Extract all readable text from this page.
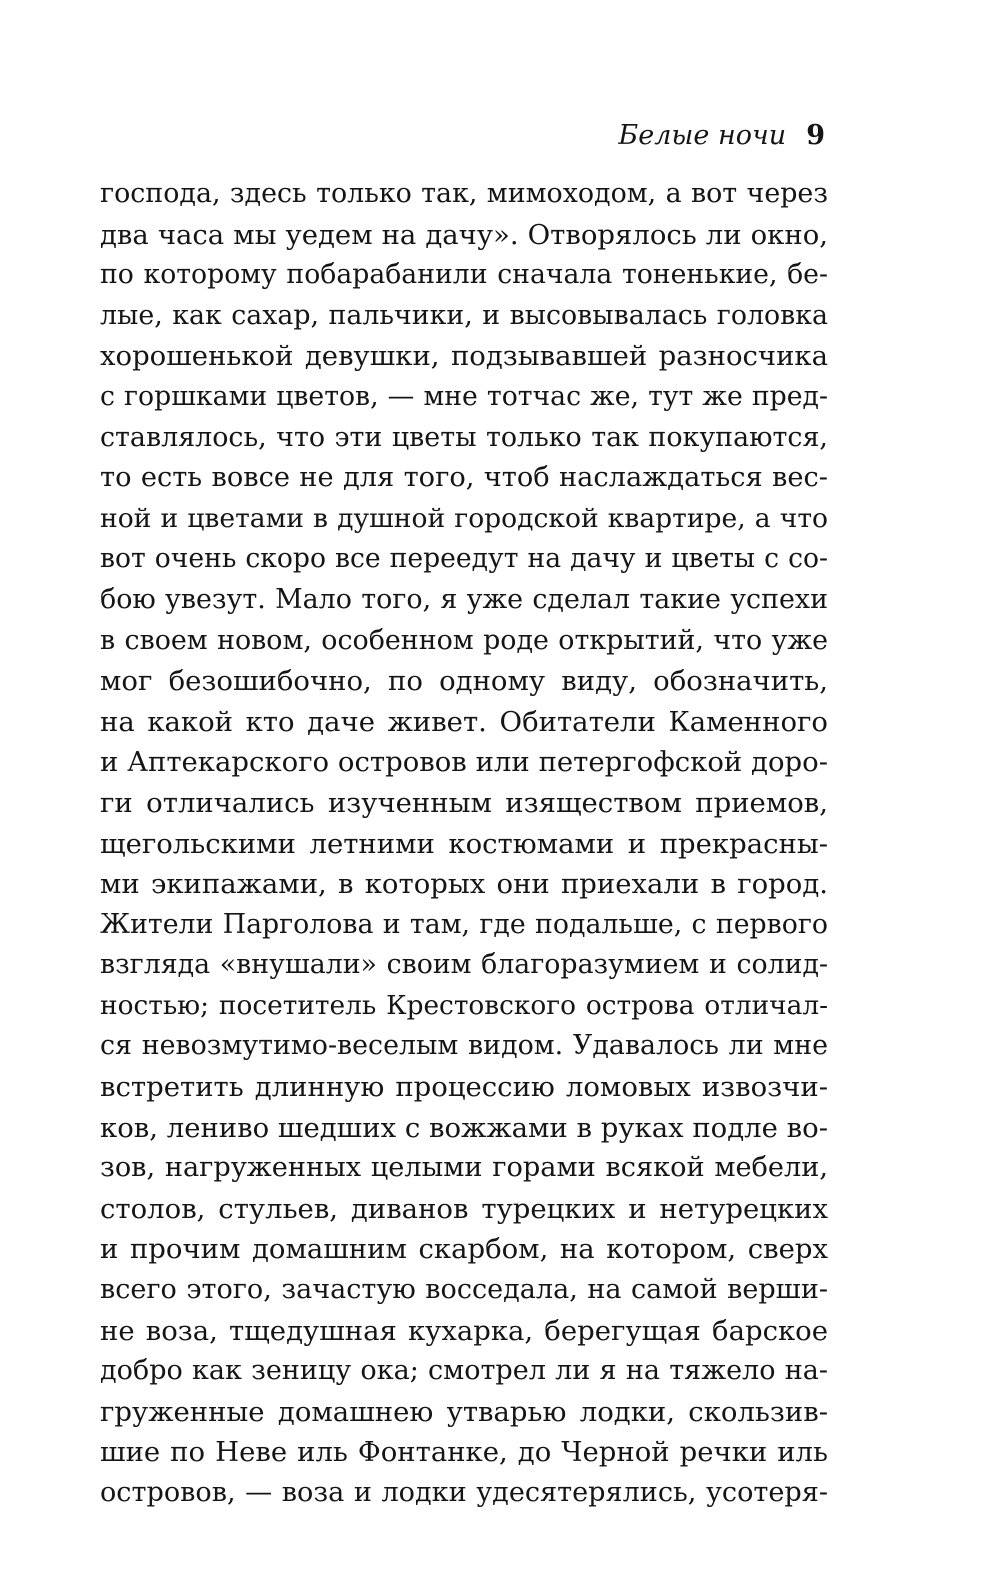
Белые ночи 9
господа, здесь только так, мимоходом, а вот через
два часа мы уедем на дачу». Отворялось ли окно,
по которому побарабанили сначала тоненькие, бе-
лые, как сахар, пальчики, и высовывалась головка
хорошенькой девушки, подзывавшей разносчика
с горшками цветов, — мне тотчас же, тут же пред-
ставлялось, что эти цветы только так покупаются,
то есть вовсе не для того, чтоб наслаждаться вес-
ной и цветами в душной городской квартире, а что
вот очень скоро все переедут на дачу и цветы с со-
бою увезут. Мало того, я уже сделал такие успехи
в своем новом, особенном роде открытий, что уже
мог безошибочно, по одному виду, обозначить,
на какой кто даче живет. Обитатели Каменного
и Аптекарского островов или петергофской доро-
ги отличались изученным изяществом приемов,
щегольскими летними костюмами и прекрасны-
ми экипажами, в которых они приехали в город.
Жители Парголова и там, где подальше, с первого
взгляда «внушали» своим благоразумием и солид-
ностью; посетитель Крестовского острова отличал-
ся невозмутимо-веселым видом. Удавалось ли мне
встретить длинную процессию ломовых извозчи-
ков, лениво шедших с вожжами в руках подле во-
зов, нагруженных целыми горами всякой мебели,
столов, стульев, диванов турецких и нетурецких
и прочим домашним скарбом, на котором, сверх
всего этого, зачастую восседала, на самой верши-
не воза, тщедушная кухарка, берегущая барское
добро как зеницу ока; смотрел ли я на тяжело на-
груженные домашнею утварью лодки, скользив-
шие по Неве иль Фонтанке, до Черной речки иль
островов, — воза и лодки удесятерялись, усотеря-
